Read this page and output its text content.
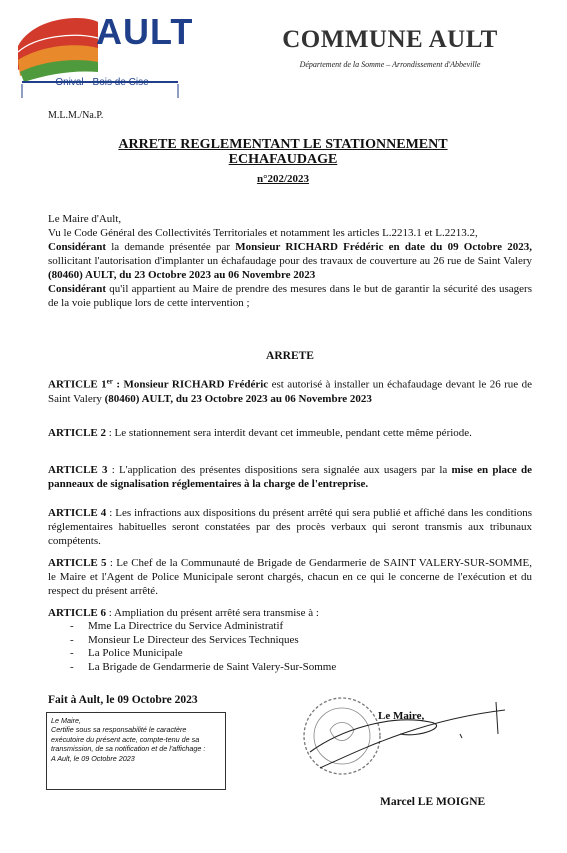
AULT
Onival - Bois de Cise
COMMUNE AULT
Département de la Somme – Arrondissement d'Abbeville
M.L.M./Na.P.
ARRETE REGLEMENTANT LE STATIONNEMENT
ECHAFAUDAGE
n°202/2023
Le Maire d'Ault,
Vu le Code Général des Collectivités Territoriales et notamment les articles L.2213.1 et L.2213.2,
Considérant la demande présentée par Monsieur RICHARD Frédéric en date du 09 Octobre 2023, sollicitant l'autorisation d'implanter un échafaudage pour des travaux de couverture au 26 rue de Saint Valery (80460) AULT, du 23 Octobre 2023 au 06 Novembre 2023
Considérant qu'il appartient au Maire de prendre des mesures dans le but de garantir la sécurité des usagers de la voie publique lors de cette intervention ;
ARRETE
ARTICLE 1er : Monsieur RICHARD Frédéric est autorisé à installer un échafaudage devant le 26 rue de Saint Valery (80460) AULT, du 23 Octobre 2023 au 06 Novembre 2023
ARTICLE 2 : Le stationnement sera interdit devant cet immeuble, pendant cette même période.
ARTICLE 3 : L'application des présentes dispositions sera signalée aux usagers par la mise en place de panneaux de signalisation réglementaires à la charge de l'entreprise.
ARTICLE 4 : Les infractions aux dispositions du présent arrêté qui sera publié et affiché dans les conditions réglementaires habituelles seront constatées par des procès verbaux qui seront transmis aux tribunaux compétents.
ARTICLE 5 : Le Chef de la Communauté de Brigade de Gendarmerie de SAINT VALERY-SUR-SOMME, le Maire et l'Agent de Police Municipale seront chargés, chacun en ce qui le concerne de l'exécution et du respect du présent arrêté.
ARTICLE 6 : Ampliation du présent arrêté sera transmise à :
- Mme La Directrice du Service Administratif
- Monsieur Le Directeur des Services Techniques
- La Police Municipale
- La Brigade de Gendarmerie de Saint Valery-Sur-Somme
Fait à Ault, le 09 Octobre 2023
Le Maire,
Certifie sous sa responsabilité le caractère exécutoire du présent acte, compte-tenu de sa transmission, de sa notification et de l'affichage :
A Ault, le 09 Octobre 2023
Le Maire,
Marcel LE MOIGNE
